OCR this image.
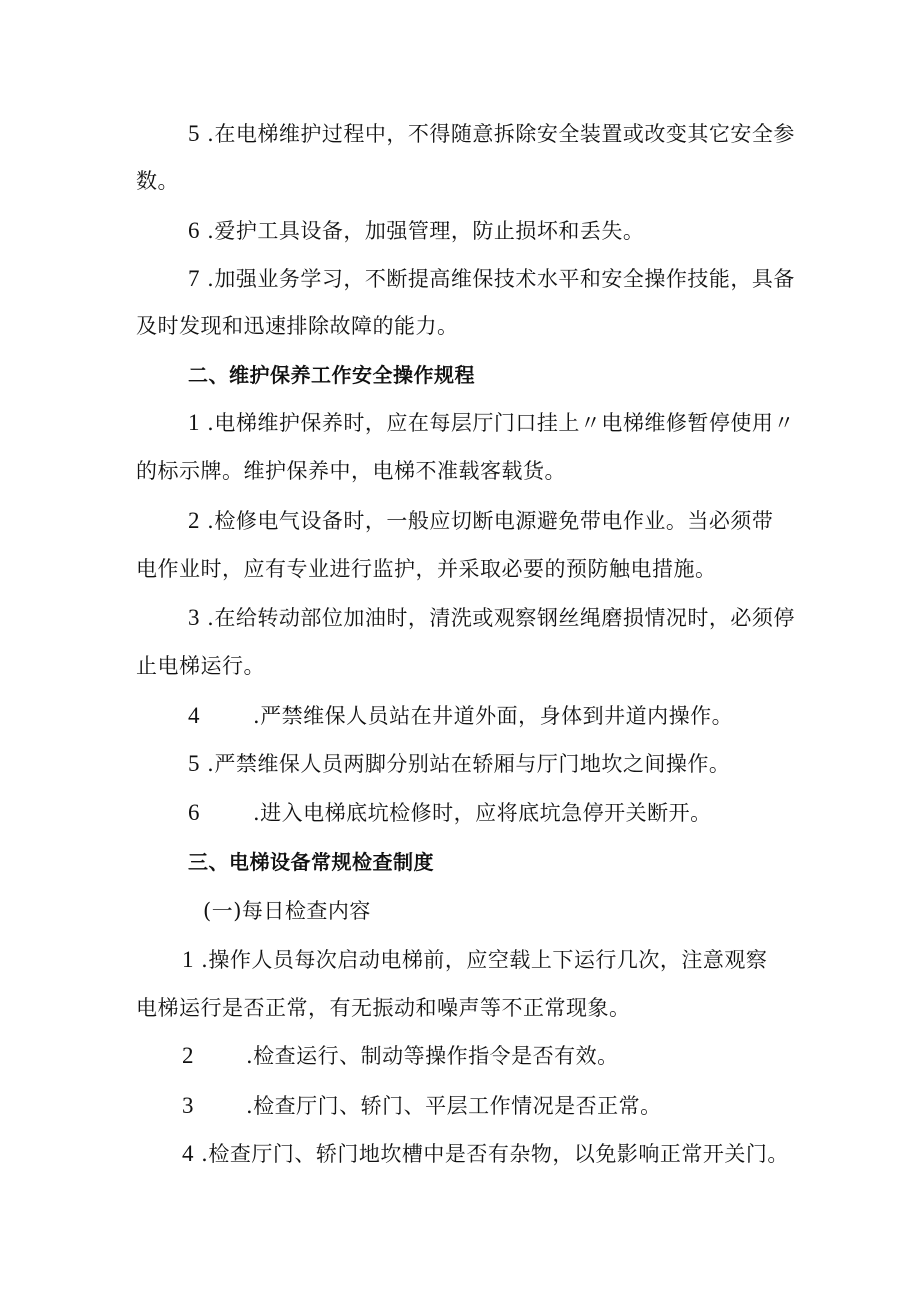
5 .在电梯维护过程中，不得随意拆除安全装置或改变其它安全参
数。
6 .爱护工具设备，加强管理，防止损坏和丢失。
7 .加强业务学习，不断提高维保技术水平和安全操作技能，具备
及时发现和迅速排除故障的能力。
二、维护保养工作安全操作规程
1 .电梯维护保养时，应在每层厅门口挂上〃电梯维修暂停使用〃
的标示牌。维护保养中，电梯不准载客载货。
2 .检修电气设备时，一般应切断电源避免带电作业。当必须带
电作业时，应有专业进行监护，并采取必要的预防触电措施。
3 .在给转动部位加油时，清洗或观察钢丝绳磨损情况时，必须停
止电梯运行。
4	.严禁维保人员站在井道外面，身体到井道内操作。
5 .严禁维保人员两脚分别站在轿厢与厅门地坎之间操作。
6	.进入电梯底坑检修时，应将底坑急停开关断开。
三、电梯设备常规检查制度
(一)每日检查内容
1 .操作人员每次启动电梯前，应空载上下运行几次，注意观察
电梯运行是否正常，有无振动和噪声等不正常现象。
2 .检查运行、制动等操作指令是否有效。
3 .检查厅门、轿门、平层工作情况是否正常。
4 .检查厅门、轿门地坎槽中是否有杂物，以免影响正常开关门。
